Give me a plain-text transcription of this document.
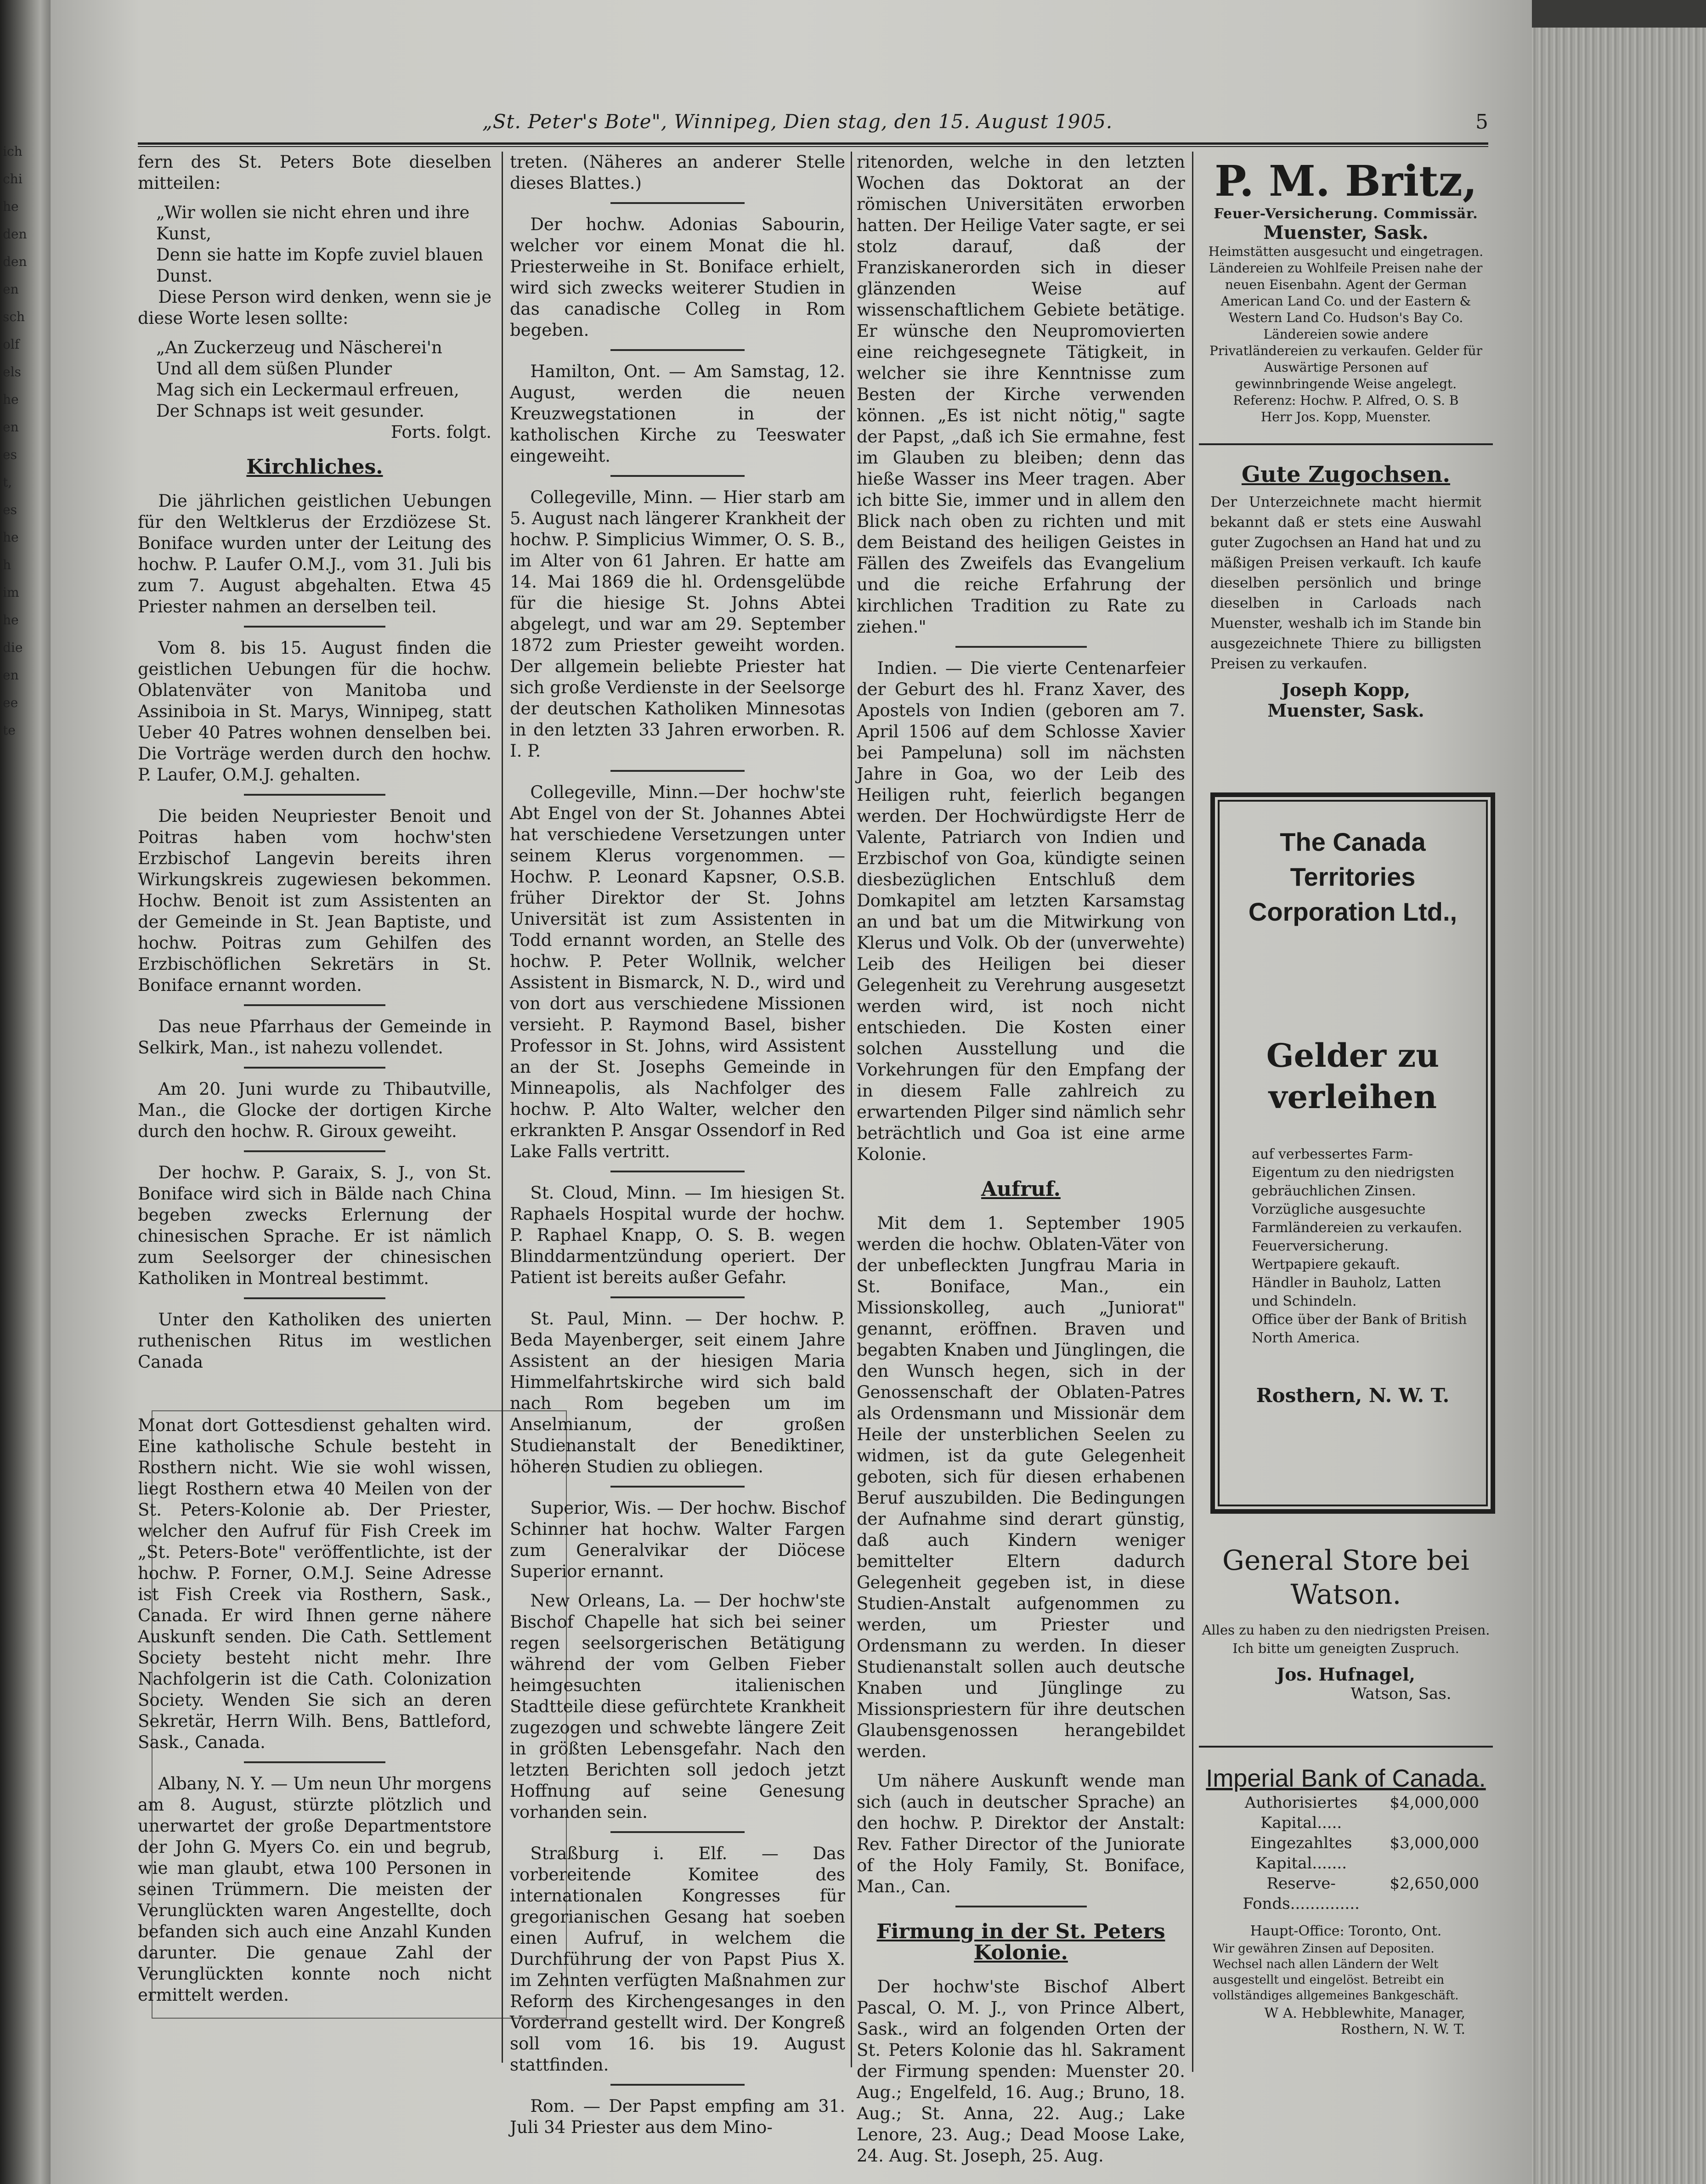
ich
chi
he
den
den
en
sch
olf
els
he
en
es
t,
es
he
h
im
he
die
en
ee
te
„St. Peter's Bote", Winnipeg, Dien stag, den 15. August 1905.	5

fern des St. Peters Bote dieselben mitteilen:

„Wir wollen sie nicht ehren und ihre Kunst,

Denn sie hatte im Kopfe zuviel blauen Dunst.

Diese Person wird denken, wenn sie je diese Worte lesen sollte:

„An Zuckerzeug und Näscherei'n

Und all dem süßen Plunder

Mag sich ein Leckermaul erfreuen,

Der Schnaps ist weit gesunder.

Forts. folgt.

Kirchliches.

Die jährlichen geistlichen Uebungen für den Weltklerus der Erzdiözese St. Boniface wurden unter der Leitung des hochw. P. Laufer O.M.J., vom 31. Juli bis zum 7. August abgehalten. Etwa 45 Priester nahmen an derselben teil.

Vom 8. bis 15. August finden die geistlichen Uebungen für die hochw. Oblatenväter von Manitoba und Assiniboia in St. Marys, Winnipeg, statt Ueber 40 Patres wohnen denselben bei. Die Vorträge werden durch den hochw. P. Laufer, O.M.J. gehalten.

Die beiden Neupriester Benoit und Poitras haben vom hochw'sten Erzbischof Langevin bereits ihren Wirkungskreis zugewiesen bekommen. Hochw. Benoit ist zum Assistenten an der Gemeinde in St. Jean Baptiste, und hochw. Poitras zum Gehilfen des Erzbischöflichen Sekretärs in St. Boniface ernannt worden.

Das neue Pfarrhaus der Gemeinde in Selkirk, Man., ist nahezu vollendet.

Am 20. Juni wurde zu Thibautville, Man., die Glocke der dortigen Kirche durch den hochw. R. Giroux geweiht.

Der hochw. P. Garaix, S. J., von St. Boniface wird sich in Bälde nach China begeben zwecks Erlernung der chinesischen Sprache. Er ist nämlich zum Seelsorger der chinesischen Katholiken in Montreal bestimmt.

Unter den Katholiken des unierten ruthenischen Ritus im westlichen Canada

Monat dort Gottesdienst gehalten wird. Eine katholische Schule besteht in Rosthern nicht. Wie sie wohl wissen, liegt Rosthern etwa 40 Meilen von der St. Peters-Kolonie ab. Der Priester, welcher den Aufruf für Fish Creek im „St. Peters-Bote" veröffentlichte, ist der hochw. P. Forner, O.M.J. Seine Adresse ist Fish Creek via Rosthern, Sask., Canada. Er wird Ihnen gerne nähere Auskunft senden. Die Cath. Settlement Society besteht nicht mehr. Ihre Nachfolgerin ist die Cath. Colonization Society. Wenden Sie sich an deren Sekretär, Herrn Wilh. Bens, Battleford, Sask., Canada.

Albany, N. Y. — Um neun Uhr morgens am 8. August, stürzte plötzlich und unerwartet der große Departmentstore der John G. Myers Co. ein und begrub, wie man glaubt, etwa 100 Personen in seinen Trümmern. Die meisten der Verunglückten waren Angestellte, doch befanden sich auch eine Anzahl Kunden darunter. Die genaue Zahl der Verunglückten konnte noch nicht ermittelt werden.

treten. (Näheres an anderer Stelle dieses Blattes.)

Der hochw. Adonias Sabourin, welcher vor einem Monat die hl. Priesterweihe in St. Boniface erhielt, wird sich zwecks weiterer Studien in das canadische Colleg in Rom begeben.

Hamilton, Ont. — Am Samstag, 12. August, werden die neuen Kreuzwegstationen in der katholischen Kirche zu Teeswater eingeweiht.

Collegeville, Minn. — Hier starb am 5. August nach längerer Krankheit der hochw. P. Simplicius Wimmer, O. S. B., im Alter von 61 Jahren. Er hatte am 14. Mai 1869 die hl. Ordensgelübde für die hiesige St. Johns Abtei abgelegt, und war am 29. September 1872 zum Priester geweiht worden. Der allgemein beliebte Priester hat sich große Verdienste in der Seelsorge der deutschen Katholiken Minnesotas in den letzten 33 Jahren erworben. R. I. P.

Collegeville, Minn.—Der hochw'ste Abt Engel von der St. Johannes Abtei hat verschiedene Versetzungen unter seinem Klerus vorgenommen. — Hochw. P. Leonard Kapsner, O.S.B. früher Direktor der St. Johns Universität ist zum Assistenten in Todd ernannt worden, an Stelle des hochw. P. Peter Wollnik, welcher Assistent in Bismarck, N. D., wird und von dort aus verschiedene Missionen versieht. P. Raymond Basel, bisher Professor in St. Johns, wird Assistent an der St. Josephs Gemeinde in Minneapolis, als Nachfolger des hochw. P. Alto Walter, welcher den erkrankten P. Ansgar Ossendorf in Red Lake Falls vertritt.

St. Cloud, Minn. — Im hiesigen St. Raphaels Hospital wurde der hochw. P. Raphael Knapp, O. S. B. wegen Blinddarmentzündung operiert. Der Patient ist bereits außer Gefahr.

St. Paul, Minn. — Der hochw. P. Beda Mayenberger, seit einem Jahre Assistent an der hiesigen Maria Himmelfahrtskirche wird sich bald nach Rom begeben um im Anselmianum, der großen Studienanstalt der Benediktiner, höheren Studien zu obliegen.

Superior, Wis. — Der hochw. Bischof Schinner hat hochw. Walter Fargen zum Generalvikar der Diöcese Superior ernannt.

New Orleans, La. — Der hochw'ste Bischof Chapelle hat sich bei seiner regen seelsorgerischen Betätigung während der vom Gelben Fieber heimgesuchten italienischen Stadtteile diese gefürchtete Krankheit zugezogen und schwebte längere Zeit in größten Lebensgefahr. Nach den letzten Berichten soll jedoch jetzt Hoffnung auf seine Genesung vorhanden sein.

Straßburg i. Elf. — Das vorbereitende Komitee des internationalen Kongresses für gregorianischen Gesang hat soeben einen Aufruf, in welchem die Durchführung der von Papst Pius X. im Zehnten verfügten Maßnahmen zur Reform des Kirchengesanges in den Vorderrand gestellt wird. Der Kongreß soll vom 16. bis 19. August stattfinden.

Rom. — Der Papst empfing am 31. Juli 34 Priester aus dem Mino-

ritenorden, welche in den letzten Wochen das Doktorat an der römischen Universitäten erworben hatten. Der Heilige Vater sagte, er sei stolz darauf, daß der Franziskanerorden sich in dieser glänzenden Weise auf wissenschaftlichem Gebiete betätige. Er wünsche den Neupromovierten eine reichgesegnete Tätigkeit, in welcher sie ihre Kenntnisse zum Besten der Kirche verwenden können. „Es ist nicht nötig," sagte der Papst, „daß ich Sie ermahne, fest im Glauben zu bleiben; denn das hieße Wasser ins Meer tragen. Aber ich bitte Sie, immer und in allem den Blick nach oben zu richten und mit dem Beistand des heiligen Geistes in Fällen des Zweifels das Evangelium und die reiche Erfahrung der kirchlichen Tradition zu Rate zu ziehen."

Indien. — Die vierte Centenarfeier der Geburt des hl. Franz Xaver, des Apostels von Indien (geboren am 7. April 1506 auf dem Schlosse Xavier bei Pampeluna) soll im nächsten Jahre in Goa, wo der Leib des Heiligen ruht, feierlich begangen werden. Der Hochwürdigste Herr de Valente, Patriarch von Indien und Erzbischof von Goa, kündigte seinen diesbezüglichen Entschluß dem Domkapitel am letzten Karsamstag an und bat um die Mitwirkung von Klerus und Volk. Ob der (unverwehte) Leib des Heiligen bei dieser Gelegenheit zu Verehrung ausgesetzt werden wird, ist noch nicht entschieden. Die Kosten einer solchen Ausstellung und die Vorkehrungen für den Empfang der in diesem Falle zahlreich zu erwartenden Pilger sind nämlich sehr beträchtlich und Goa ist eine arme Kolonie.

Aufruf.

Mit dem 1. September 1905 werden die hochw. Oblaten-Väter von der unbefleckten Jungfrau Maria in St. Boniface, Man., ein Missionskolleg, auch „Juniorat" genannt, eröffnen. Braven und begabten Knaben und Jünglingen, die den Wunsch hegen, sich in der Genossenschaft der Oblaten-Patres als Ordensmann und Missionär dem Heile der unsterblichen Seelen zu widmen, ist da gute Gelegenheit geboten, sich für diesen erhabenen Beruf auszubilden. Die Bedingungen der Aufnahme sind derart günstig, daß auch Kindern weniger bemittelter Eltern dadurch Gelegenheit gegeben ist, in diese Studien-Anstalt aufgenommen zu werden, um Priester und Ordensmann zu werden. In dieser Studienanstalt sollen auch deutsche Knaben und Jünglinge zu Missionspriestern für ihre deutschen Glaubensgenossen herangebildet werden.

Um nähere Auskunft wende man sich (auch in deutscher Sprache) an den hochw. P. Direktor der Anstalt: Rev. Father Director of the Juniorate of the Holy Family, St. Boniface, Man., Can.

Firmung in der St. Peters Kolonie.

Der hochw'ste Bischof Albert Pascal, O. M. J., von Prince Albert, Sask., wird an folgenden Orten der St. Peters Kolonie das hl. Sakrament der Firmung spenden: Muenster 20. Aug.; Engelfeld, 16. Aug.; Bruno, 18. Aug.; St. Anna, 22. Aug.; Lake Lenore, 23. Aug.; Dead Moose Lake, 24. Aug. St. Joseph, 25. Aug.

P. M. Britz,
Feuer-Versicherung. Commissär.
Muenster, Sask.
Heimstätten ausgesucht und eingetragen. Ländereien zu Wohlfeile Preisen nahe der neuen Eisenbahn. Agent der German American Land Co. und der Eastern & Western Land Co. Hudson's Bay Co. Ländereien sowie andere Privatländereien zu verkaufen. Gelder für Auswärtige Personen auf gewinnbringende Weise angelegt.
Referenz: Hochw. P. Alfred, O. S. B
Herr Jos. Kopp, Muenster.
Gute Zugochsen.
Der Unterzeichnete macht hiermit bekannt daß er stets eine Auswahl guter Zugochsen an Hand hat und zu mäßigen Preisen verkauft. Ich kaufe dieselben persönlich und bringe dieselben in Carloads nach Muenster, weshalb ich im Stande bin ausgezeichnete Thiere zu billigsten Preisen zu verkaufen.
Joseph Kopp,
Muenster, Sask.
The Canada Territories Corporation Ltd.,
Gelder zu verleihen
auf verbessertes Farm-Eigentum zu den niedrigsten gebräuchlichen Zinsen.
Vorzügliche ausgesuchte Farmländereien zu verkaufen.
Feuerversicherung. Wertpapiere gekauft.
Händler in Bauholz, Latten und Schindeln.
Office über der Bank of British North America.
Rosthern, N. W. T.
General Store bei Watson.
Alles zu haben zu den niedrigsten Preisen. Ich bitte um geneigten Zuspruch.
Jos. Hufnagel,
Watson, Sas.
Imperial Bank of Canada.
Authorisiertes Kapital.....
$4,000,000
Eingezahltes Kapital.......
$3,000,000
Reserve-Fonds..............
$2,650,000
Haupt-Office: Toronto, Ont.
Wir gewähren Zinsen auf Depositen. Wechsel nach allen Ländern der Welt ausgestellt und eingelöst. Betreibt ein vollständiges allgemeines Bankgeschäft.
W A. Hebblewhite, Manager,
Rosthern, N. W. T.
